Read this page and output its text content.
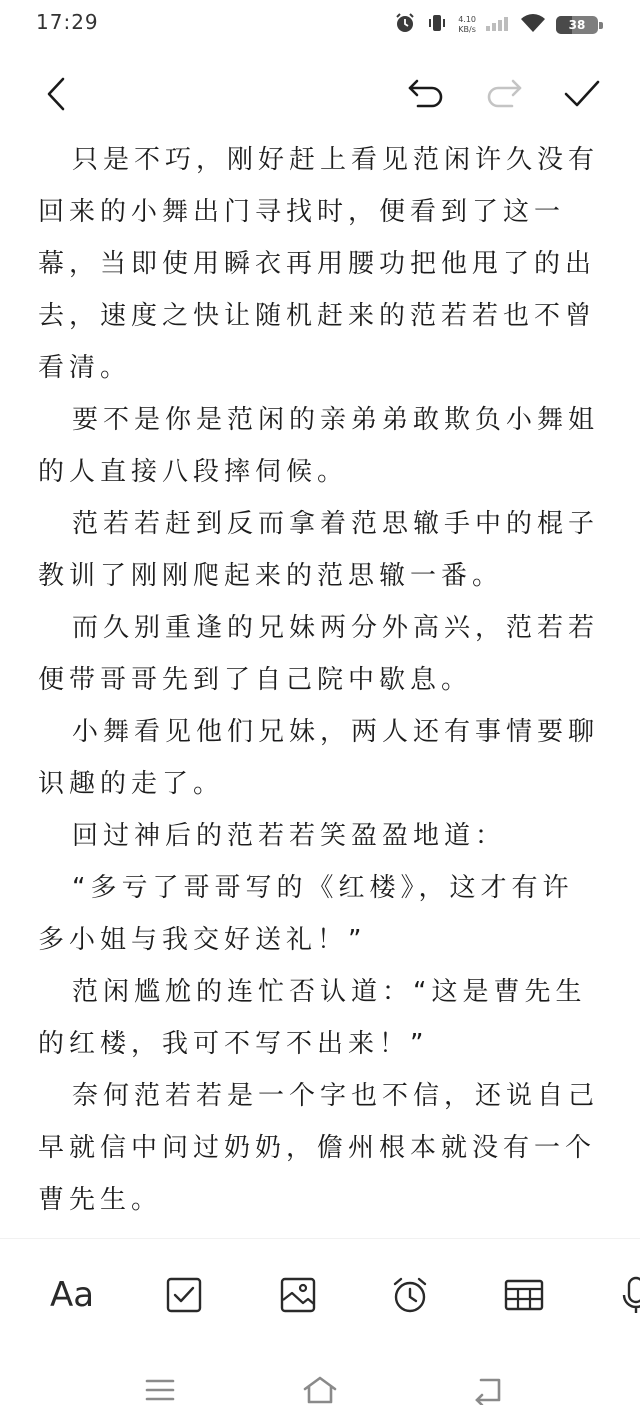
17:29	4.10
KB/s	38

只是不巧，刚好赶上看见范闲许久没有回来的小舞出门寻找时，便看到了这一幕，当即使用瞬衣再用腰功把他甩了的出去，速度之快让随机赶来的范若若也不曾看清。

要不是你是范闲的亲弟弟敢欺负小舞姐的人直接八段摔伺候。

范若若赶到反而拿着范思辙手中的棍子教训了刚刚爬起来的范思辙一番。

而久别重逢的兄妹两分外高兴，范若若便带哥哥先到了自己院中歇息。

小舞看见他们兄妹，两人还有事情要聊识趣的走了。

回过神后的范若若笑盈盈地道：

“多亏了哥哥写的《红楼》，这才有许多小姐与我交好送礼！”

范闲尴尬的连忙否认道：“这是曹先生的红楼，我可不写不出来！”

奈何范若若是一个字也不信，还说自己早就信中问过奶奶，儋州根本就没有一个曹先生。

Aa
